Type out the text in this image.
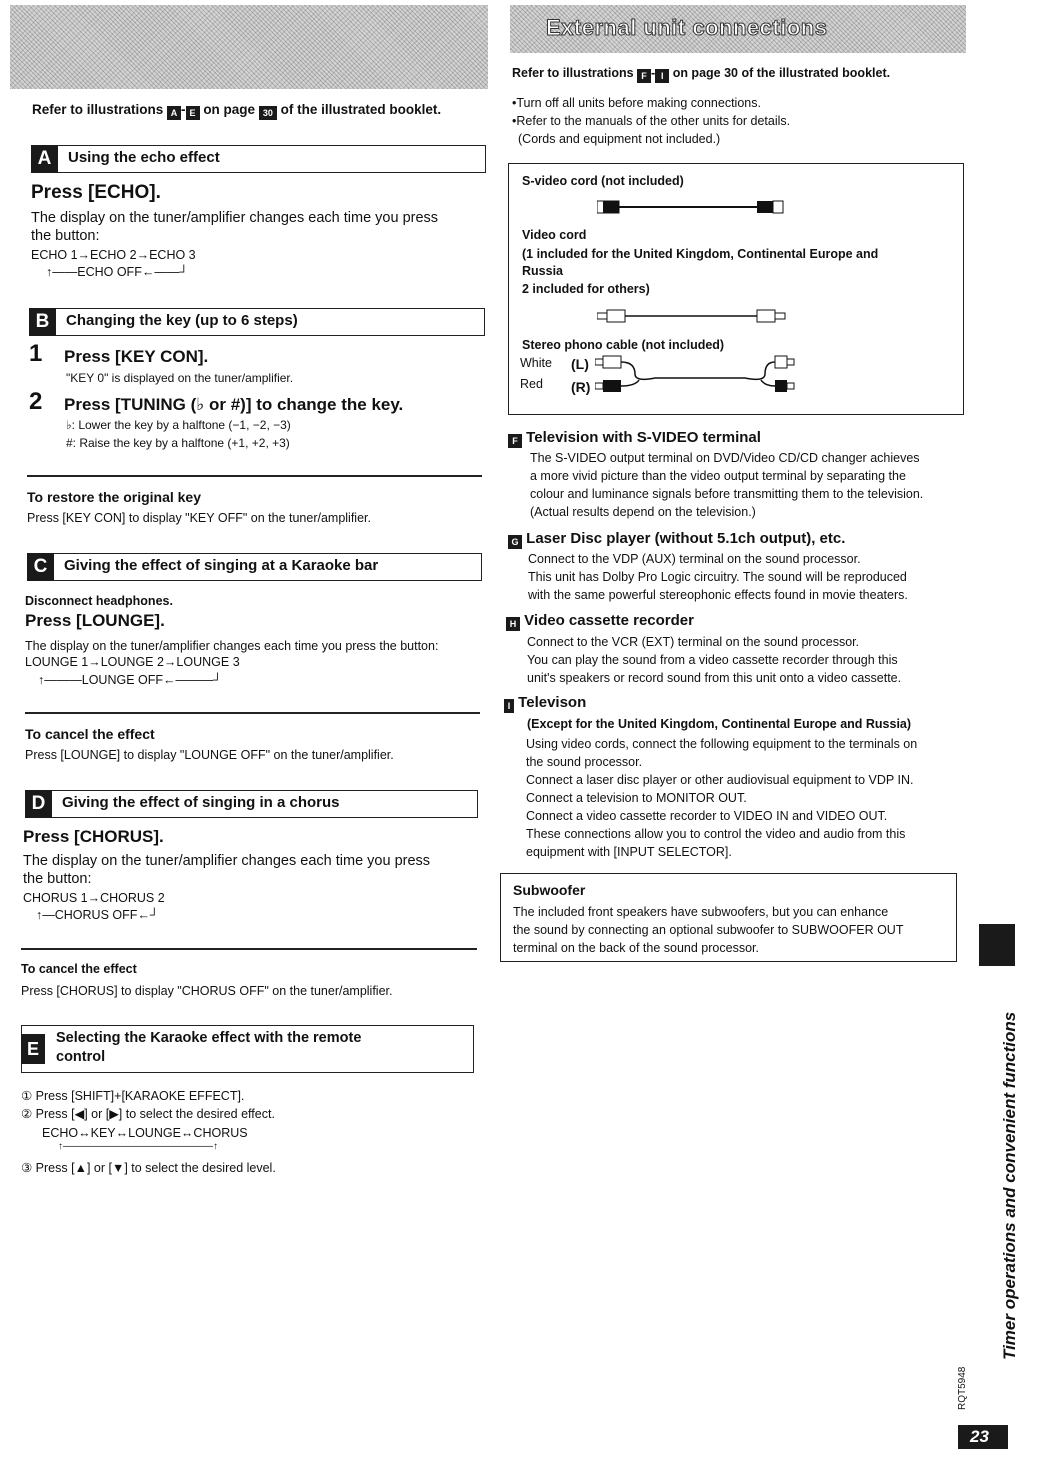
Refer to illustrations A - E on page 30 of the illustrated booklet.
A	Using the echo effect
Press [ECHO].
The display on the tuner/amplifier changes each time you press
the button:
ECHO 1→ECHO 2→ECHO 3
↑——ECHO OFF←——┘
B	Changing the key (up to 6 steps)
1 Press [KEY CON].
"KEY 0" is displayed on the tuner/amplifier.
2 Press [TUNING (♭ or #)] to change the key.
♭: Lower the key by a halftone (−1, −2, −3)
#: Raise the key by a halftone (+1, +2, +3)
To restore the original key
Press [KEY CON] to display "KEY OFF" on the tuner/amplifier.
C	Giving the effect of singing at a Karaoke bar
Disconnect headphones.
Press [LOUNGE].
The display on the tuner/amplifier changes each time you press the button:
LOUNGE 1→LOUNGE 2→LOUNGE 3
↑———LOUNGE OFF←———┘
To cancel the effect
Press [LOUNGE] to display "LOUNGE OFF" on the tuner/amplifier.
D	Giving the effect of singing in a chorus
Press [CHORUS].
The display on the tuner/amplifier changes each time you press
the button:
CHORUS 1→CHORUS 2
↑—CHORUS OFF←┘
To cancel the effect
Press [CHORUS] to display "CHORUS OFF" on the tuner/amplifier.
E
Selecting the Karaoke effect with the remote
control
① Press [SHIFT]+[KARAOKE EFFECT].
② Press [◀] or [▶] to select the desired effect.
ECHO↔KEY↔LOUNGE↔CHORUS
↑———————————————↑
③ Press [▲] or [▼] to select the desired level.
External unit connections
Refer to illustrations F - I on page 30 of the illustrated booklet.
•Turn off all units before making connections.
•Refer to the manuals of the other units for details.
(Cords and equipment not included.)
S-video cord (not included)
Video cord
(1 included for the United Kingdom, Continental Europe and
Russia
2 included for others)
Stereo phono cable (not included)
White (L)
Red (R)
F Television with S-VIDEO terminal
The S-VIDEO output terminal on DVD/Video CD/CD changer achieves
a more vivid picture than the video output terminal by separating the
colour and luminance signals before transmitting them to the television.
(Actual results depend on the television.)
G Laser Disc player (without 5.1ch output), etc.
Connect to the VDP (AUX) terminal on the sound processor.
This unit has Dolby Pro Logic circuitry. The sound will be reproduced
with the same powerful stereophonic effects found in movie theaters.
H Video cassette recorder
Connect to the VCR (EXT) terminal on the sound processor.
You can play the sound from a video cassette recorder through this
unit's speakers or record sound from this unit onto a video cassette.
I Televison
(Except for the United Kingdom, Continental Europe and Russia)
Using video cords, connect the following equipment to the terminals on
the sound processor.
Connect a laser disc player or other audiovisual equipment to VDP IN.
Connect a television to MONITOR OUT.
Connect a video cassette recorder to VIDEO IN and VIDEO OUT.
These connections allow you to control the video and audio from this
equipment with [INPUT SELECTOR].
Subwoofer
The included front speakers have subwoofers, but you can enhance
the sound by connecting an optional subwoofer to SUBWOOFER OUT
terminal on the back of the sound processor.
Timer operations and convenient functions
RQT5948
23
